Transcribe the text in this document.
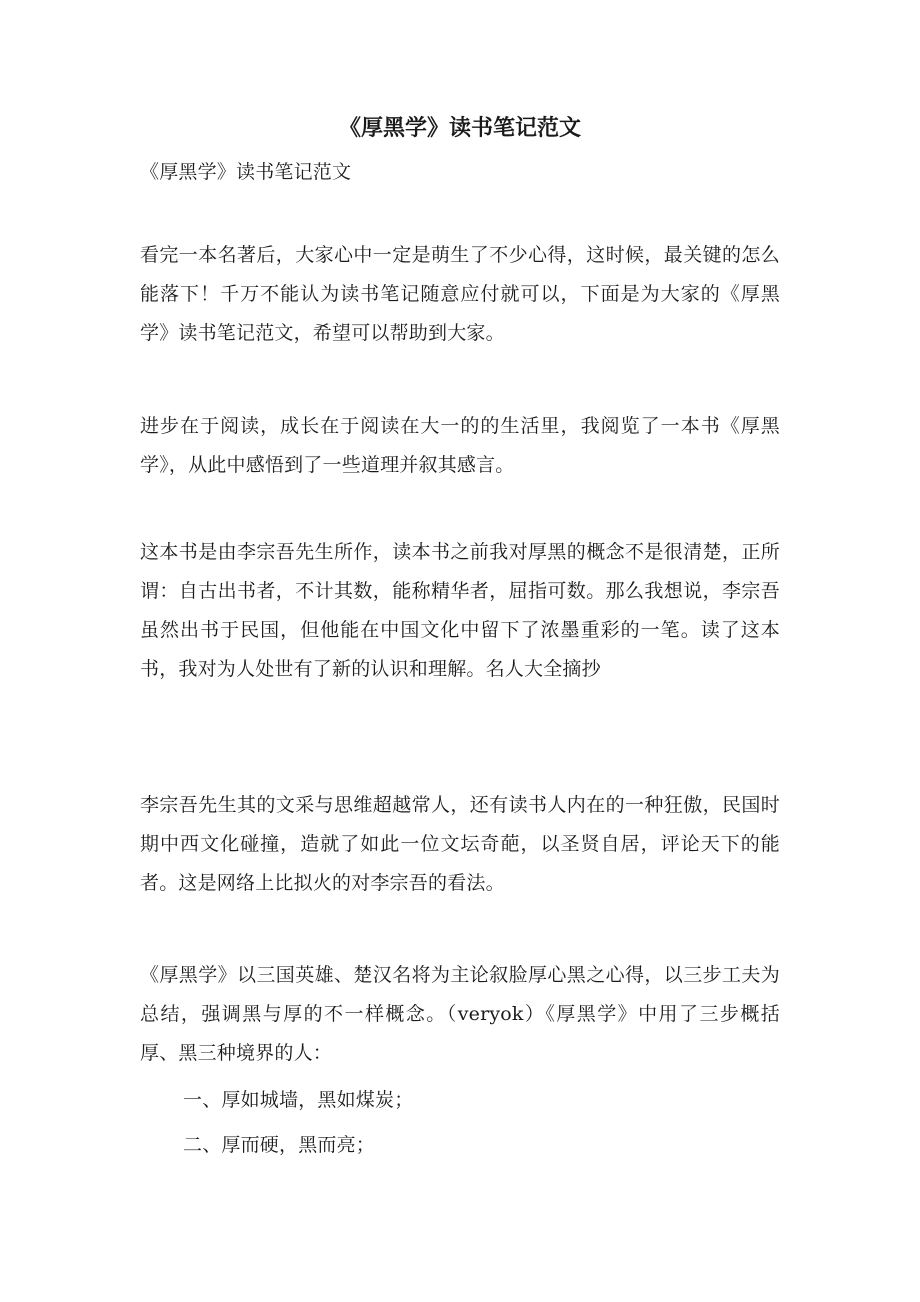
《厚黑学》读书笔记范文

《厚黑学》读书笔记范文

看完一本名著后，大家心中一定是萌生了不少心得，这时候，最关键的怎么能落下！千万不能认为读书笔记随意应付就可以，下面是为大家的《厚黑学》读书笔记范文，希望可以帮助到大家。

进步在于阅读，成长在于阅读在大一的的生活里，我阅览了一本书《厚黑学》，从此中感悟到了一些道理并叙其感言。

这本书是由李宗吾先生所作，读本书之前我对厚黑的概念不是很清楚，正所谓：自古出书者，不计其数，能称精华者，屈指可数。那么我想说，李宗吾虽然出书于民国，但他能在中国文化中留下了浓墨重彩的一笔。读了这本书，我对为人处世有了新的认识和理解。名人大全摘抄

李宗吾先生其的文采与思维超越常人，还有读书人内在的一种狂傲，民国时期中西文化碰撞，造就了如此一位文坛奇葩，以圣贤自居，评论天下的能者。这是网络上比拟火的对李宗吾的看法。

《厚黑学》以三国英雄、楚汉名将为主论叙脸厚心黑之心得，以三步工夫为总结，强调黑与厚的不一样概念。（veryok）《厚黑学》中用了三步概括厚、黑三种境界的人：

一、厚如城墙，黑如煤炭；

二、厚而硬，黑而亮；
